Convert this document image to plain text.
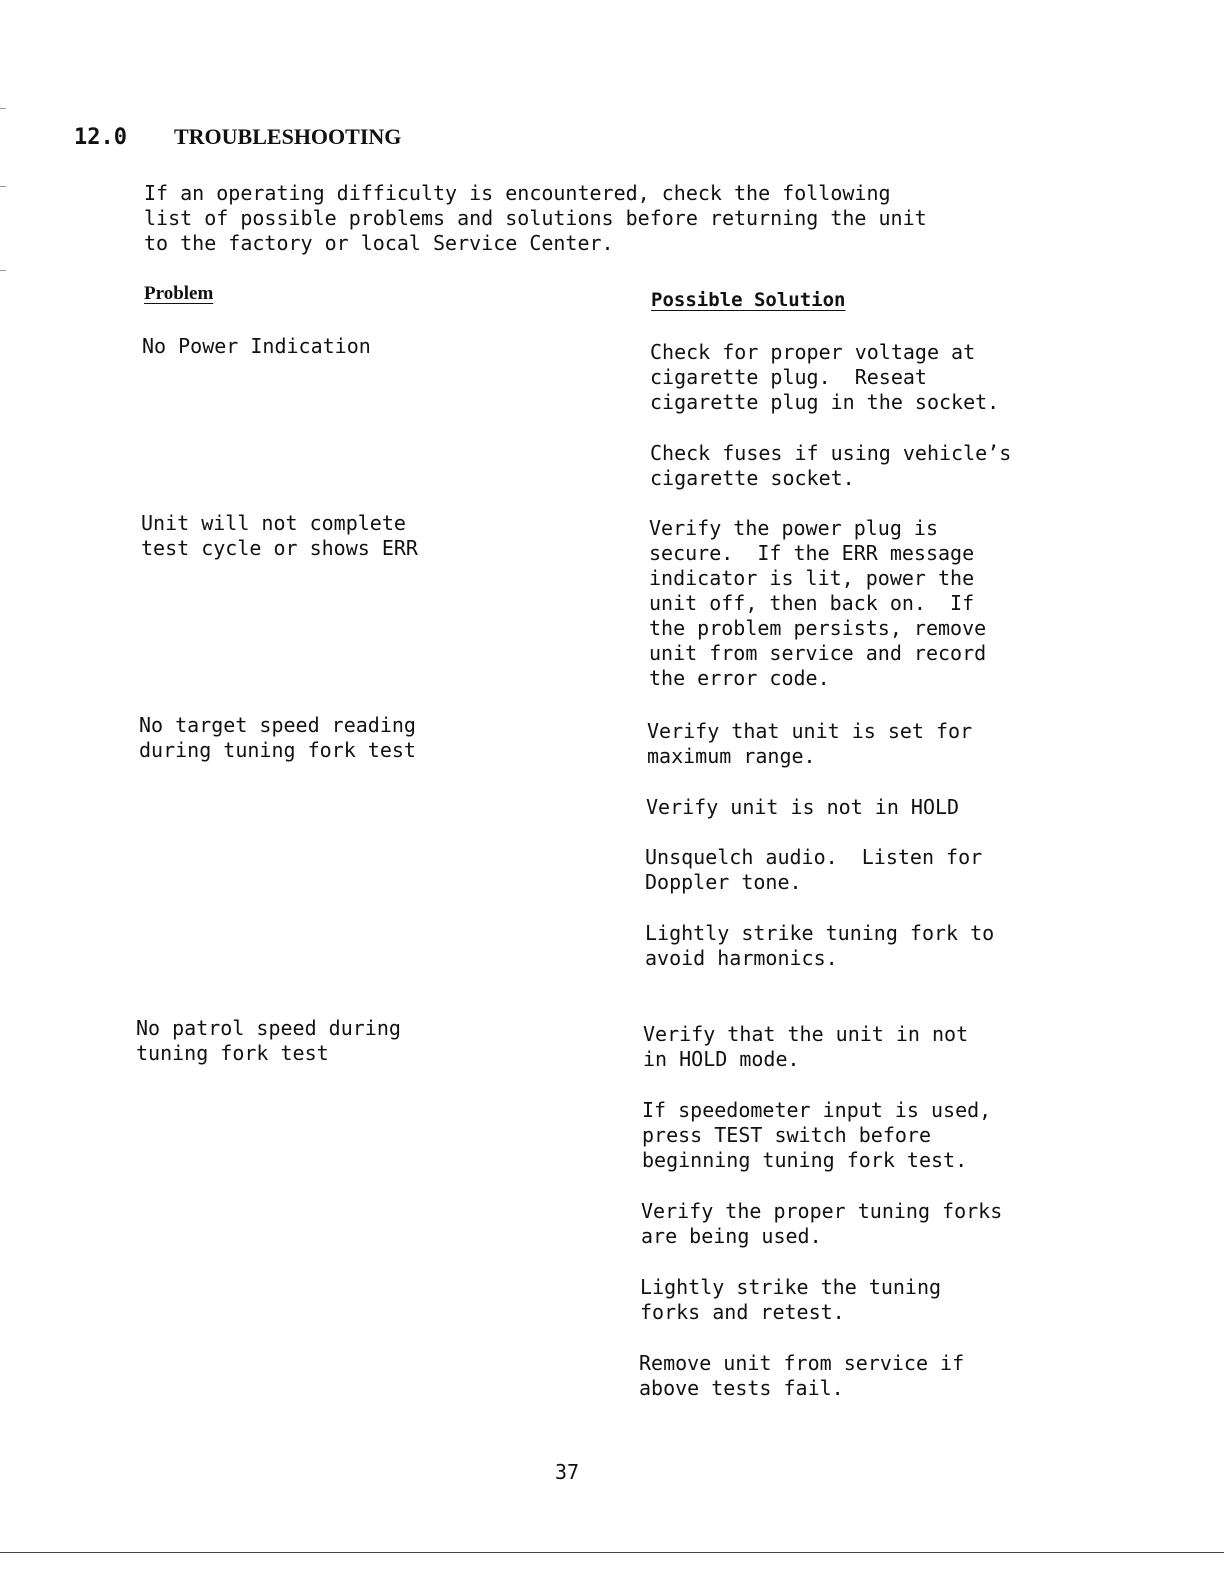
12.0 TROUBLESHOOTING
If an operating difficulty is encountered, check the following
list of possible problems and solutions before returning the unit
to the factory or local Service Center.
Problem	Possible Solution

No Power Indication	Check for proper voltage at
cigarette plug.  Reseat
cigarette plug in the socket.

Check fuses if using vehicle’s
cigarette socket.

Unit will not complete
test cycle or shows ERR

Verify the power plug is
secure.  If the ERR message
indicator is lit, power the
unit off, then back on.  If
the problem persists, remove
unit from service and record
the error code.

No target speed reading
during tuning fork test

Verify that unit is set for
maximum range.

Verify unit is not in HOLD

Unsquelch audio.  Listen for
Doppler tone.

Lightly strike tuning fork to
avoid harmonics.

No patrol speed during
tuning fork test

Verify that the unit in not
in HOLD mode.

If speedometer input is used,
press TEST switch before
beginning tuning fork test.

Verify the proper tuning forks
are being used.

Lightly strike the tuning
forks and retest.

Remove unit from service if
above tests fail.

37
